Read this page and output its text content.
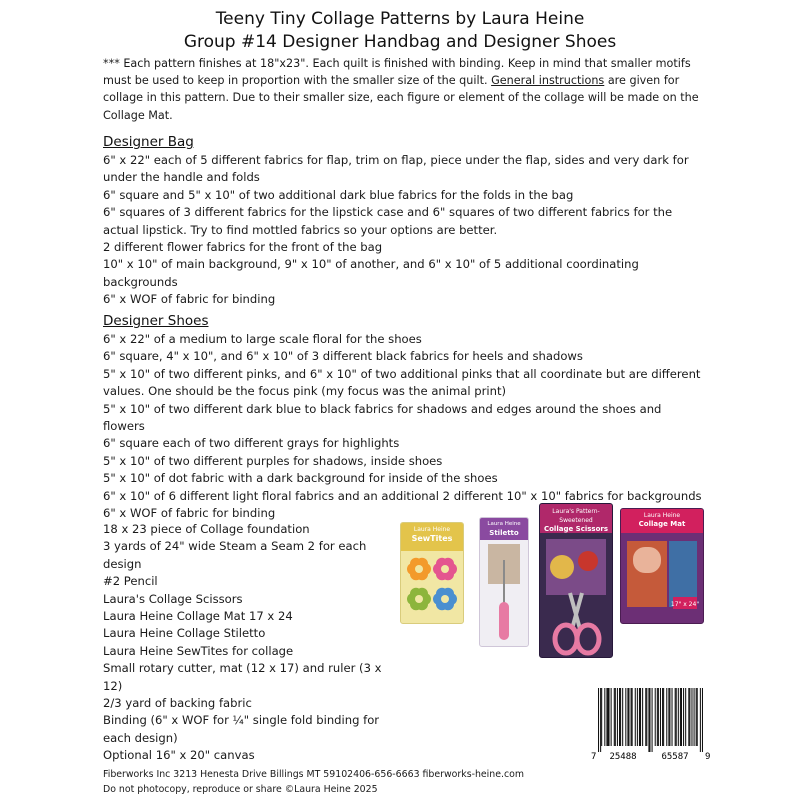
Teeny Tiny Collage Patterns by Laura Heine
Group #14 Designer Handbag and Designer Shoes
*** Each pattern finishes at 18"x23". Each quilt is finished with binding. Keep in mind that smaller motifs must be used to keep in proportion with the smaller size of the quilt. General instructions are given for collage in this pattern. Due to their smaller size, each figure or element of the collage will be made on the Collage Mat.
Designer Bag
6" x 22" each of 5 different fabrics for flap, trim on flap, piece under the flap, sides and very dark for under the handle and folds
6" square and 5" x 10" of two additional dark blue fabrics for the folds in the bag
6" squares of 3 different fabrics for the lipstick case and 6" squares of two different fabrics for the actual lipstick. Try to find mottled fabrics so your options are better.
2 different flower fabrics for the front of the bag
10" x 10" of main background, 9" x 10" of another, and 6" x 10" of 5 additional coordinating backgrounds
6" x WOF of fabric for binding
Designer Shoes
6" x 22" of a medium to large scale floral for the shoes
6" square, 4" x 10", and 6" x 10" of 3 different black fabrics for heels and shadows
5" x 10" of two different pinks, and 6" x 10" of two additional pinks that all coordinate but are different values. One should be the focus pink (my focus was the animal print)
5" x 10" of two different dark blue to black fabrics for shadows and edges around the shoes and flowers
6" square each of two different grays for highlights
5" x 10" of two different purples for shadows, inside shoes
5" x 10" of dot fabric with a dark background for inside of the shoes
6" x 10" of 6 different light floral fabrics and an additional 2 different 10" x 10" fabrics for backgrounds
6" x WOF of fabric for binding
18 x 23 piece of Collage foundation
3 yards of 24" wide Steam a Seam 2 for each design
#2 Pencil
Laura's Collage Scissors
Laura Heine Collage Mat 17 x 24
Laura Heine Collage Stiletto
Laura Heine SewTites for collage
Small rotary cutter, mat (12 x 17) and ruler (3 x 12)
2/3 yard of backing fabric
Binding (6" x WOF for ¼" single fold binding for each design)
Optional 16" x 20" canvas
Laura Heine
SewTites
Laura Heine
Stiletto
Laura's Pattern-Sweetened
Collage Scissors
Laura Heine
Collage Mat
17" x 24"
7 25488	65587 9
Fiberworks Inc 3213 Henesta Drive Billings MT 59102406-656-6663 fiberworks-heine.com
Do not photocopy, reproduce or share ©Laura Heine 2025
